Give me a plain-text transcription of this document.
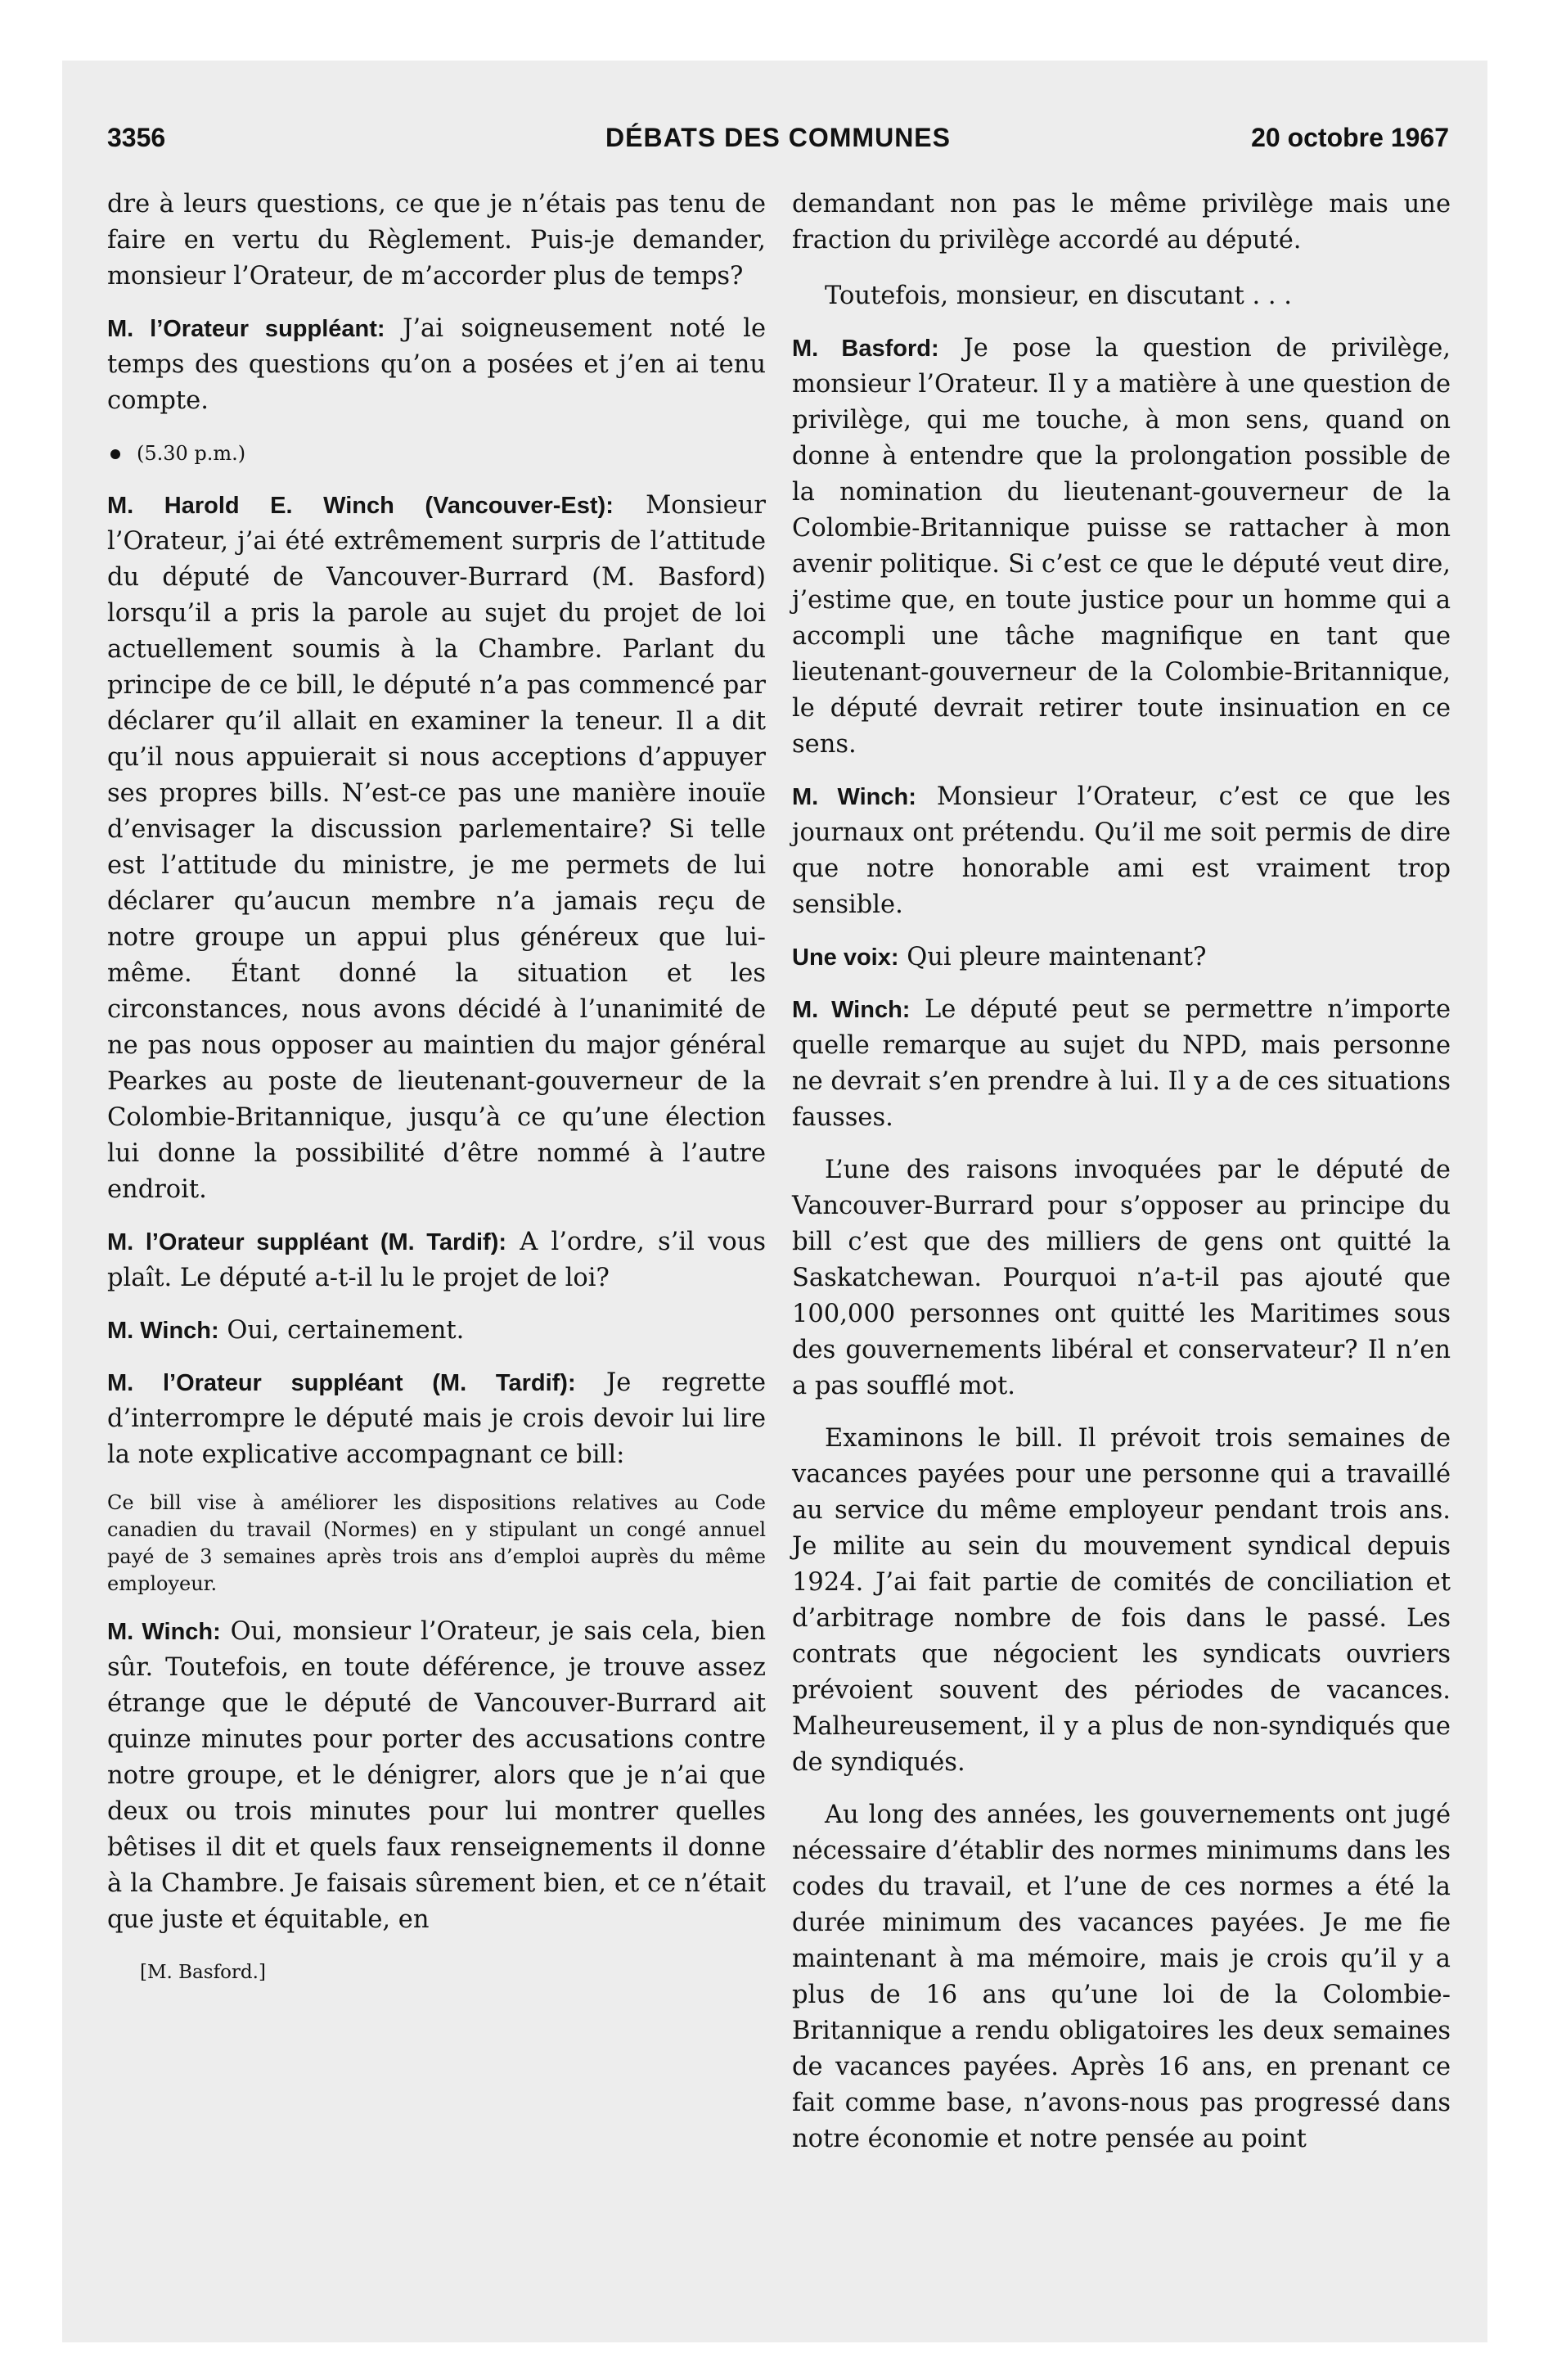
3356	DÉBATS DES COMMUNES	20 octobre 1967

dre à leurs questions, ce que je n’étais pas tenu de faire en vertu du Règlement. Puis-je demander, monsieur l’Orateur, de m’accorder plus de temps?

M. l’Orateur suppléant: J’ai soigneusement noté le temps des questions qu’on a posées et j’en ai tenu compte.

(5.30 p.m.)

M. Harold E. Winch (Vancouver-Est): Monsieur l’Orateur, j’ai été extrêmement surpris de l’attitude du député de Vancouver-Burrard (M. Basford) lorsqu’il a pris la parole au sujet du projet de loi actuellement soumis à la Chambre. Parlant du principe de ce bill, le député n’a pas commencé par déclarer qu’il allait en examiner la teneur. Il a dit qu’il nous appuierait si nous acceptions d’appuyer ses propres bills. N’est-ce pas une manière inouïe d’envisager la discussion parlementaire? Si telle est l’attitude du ministre, je me permets de lui déclarer qu’aucun membre n’a jamais reçu de notre groupe un appui plus généreux que lui-même. Étant donné la situation et les circonstances, nous avons décidé à l’unanimité de ne pas nous opposer au maintien du major général Pearkes au poste de lieutenant-gouverneur de la Colombie-Britannique, jusqu’à ce qu’une élection lui donne la possibilité d’être nommé à l’autre endroit.

M. l’Orateur suppléant (M. Tardif): A l’ordre, s’il vous plaît. Le député a-t-il lu le projet de loi?

M. Winch: Oui, certainement.

M. l’Orateur suppléant (M. Tardif): Je regrette d’interrompre le député mais je crois devoir lui lire la note explicative accompagnant ce bill:

Ce bill vise à améliorer les dispositions relatives au Code canadien du travail (Normes) en y stipulant un congé annuel payé de 3 semaines après trois ans d’emploi auprès du même employeur.

M. Winch: Oui, monsieur l’Orateur, je sais cela, bien sûr. Toutefois, en toute déférence, je trouve assez étrange que le député de Vancouver-Burrard ait quinze minutes pour porter des accusations contre notre groupe, et le dénigrer, alors que je n’ai que deux ou trois minutes pour lui montrer quelles bêtises il dit et quels faux renseignements il donne à la Chambre. Je faisais sûrement bien, et ce n’était que juste et équitable, en

[M. Basford.]

demandant non pas le même privilège mais une fraction du privilège accordé au député.

Toutefois, monsieur, en discutant . . .

M. Basford: Je pose la question de privilège, monsieur l’Orateur. Il y a matière à une question de privilège, qui me touche, à mon sens, quand on donne à entendre que la prolongation possible de la nomination du lieutenant-gouverneur de la Colombie-Britannique puisse se rattacher à mon avenir politique. Si c’est ce que le député veut dire, j’estime que, en toute justice pour un homme qui a accompli une tâche magnifique en tant que lieutenant-gouverneur de la Colombie-Britannique, le député devrait retirer toute insinuation en ce sens.

M. Winch: Monsieur l’Orateur, c’est ce que les journaux ont prétendu. Qu’il me soit permis de dire que notre honorable ami est vraiment trop sensible.

Une voix: Qui pleure maintenant?

M. Winch: Le député peut se permettre n’importe quelle remarque au sujet du NPD, mais personne ne devrait s’en prendre à lui. Il y a de ces situations fausses.

L’une des raisons invoquées par le député de Vancouver-Burrard pour s’opposer au principe du bill c’est que des milliers de gens ont quitté la Saskatchewan. Pourquoi n’a-t-il pas ajouté que 100,000 personnes ont quitté les Maritimes sous des gouvernements libéral et conservateur? Il n’en a pas soufflé mot.

Examinons le bill. Il prévoit trois semaines de vacances payées pour une personne qui a travaillé au service du même employeur pendant trois ans. Je milite au sein du mouvement syndical depuis 1924. J’ai fait partie de comités de conciliation et d’arbitrage nombre de fois dans le passé. Les contrats que négocient les syndicats ouvriers prévoient souvent des périodes de vacances. Malheureusement, il y a plus de non-syndiqués que de syndiqués.

Au long des années, les gouvernements ont jugé nécessaire d’établir des normes minimums dans les codes du travail, et l’une de ces normes a été la durée minimum des vacances payées. Je me fie maintenant à ma mémoire, mais je crois qu’il y a plus de 16 ans qu’une loi de la Colombie-Britannique a rendu obligatoires les deux semaines de vacances payées. Après 16 ans, en prenant ce fait comme base, n’avons-nous pas progressé dans notre économie et notre pensée au point
